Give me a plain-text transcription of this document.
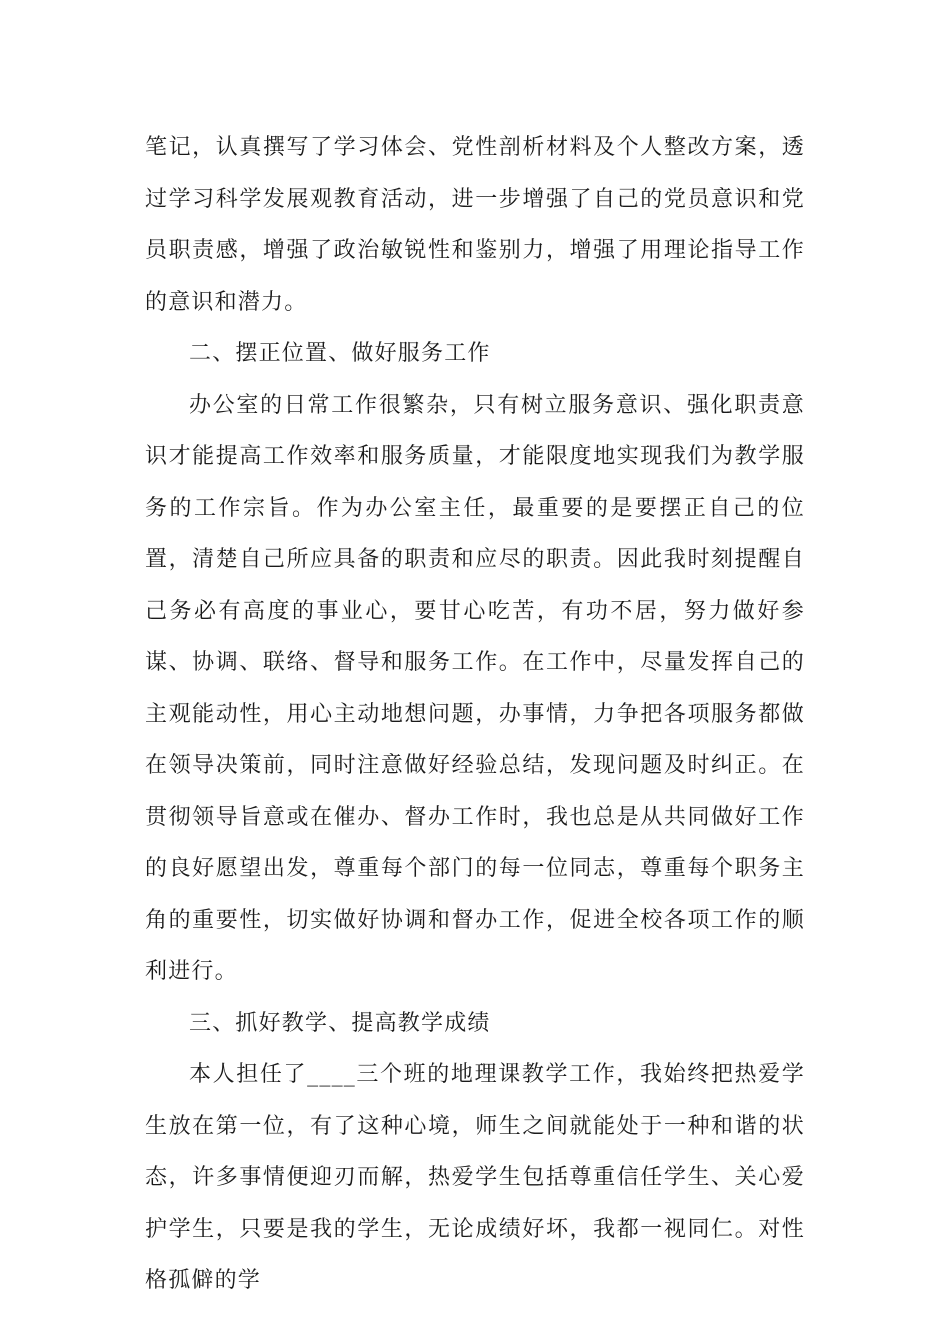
笔记，认真撰写了学习体会、党性剖析材料及个人整改方案，透过学习科学发展观教育活动，进一步增强了自己的党员意识和党员职责感，增强了政治敏锐性和鉴别力，增强了用理论指导工作的意识和潜力。

二、摆正位置、做好服务工作

办公室的日常工作很繁杂，只有树立服务意识、强化职责意识才能提高工作效率和服务质量，才能限度地实现我们为教学服务的工作宗旨。作为办公室主任，最重要的是要摆正自己的位置，清楚自己所应具备的职责和应尽的职责。因此我时刻提醒自己务必有高度的事业心，要甘心吃苦，有功不居，努力做好参谋、协调、联络、督导和服务工作。在工作中，尽量发挥自己的主观能动性，用心主动地想问题，办事情，力争把各项服务都做在领导决策前，同时注意做好经验总结，发现问题及时纠正。在贯彻领导旨意或在催办、督办工作时，我也总是从共同做好工作的良好愿望出发，尊重每个部门的每一位同志，尊重每个职务主角的重要性，切实做好协调和督办工作，促进全校各项工作的顺利进行。

三、抓好教学、提高教学成绩

本人担任了____三个班的地理课教学工作，我始终把热爱学生放在第一位，有了这种心境，师生之间就能处于一种和谐的状态，许多事情便迎刃而解，热爱学生包括尊重信任学生、关心爱护学生，只要是我的学生，无论成绩好坏，我都一视同仁。对性格孤僻的学
